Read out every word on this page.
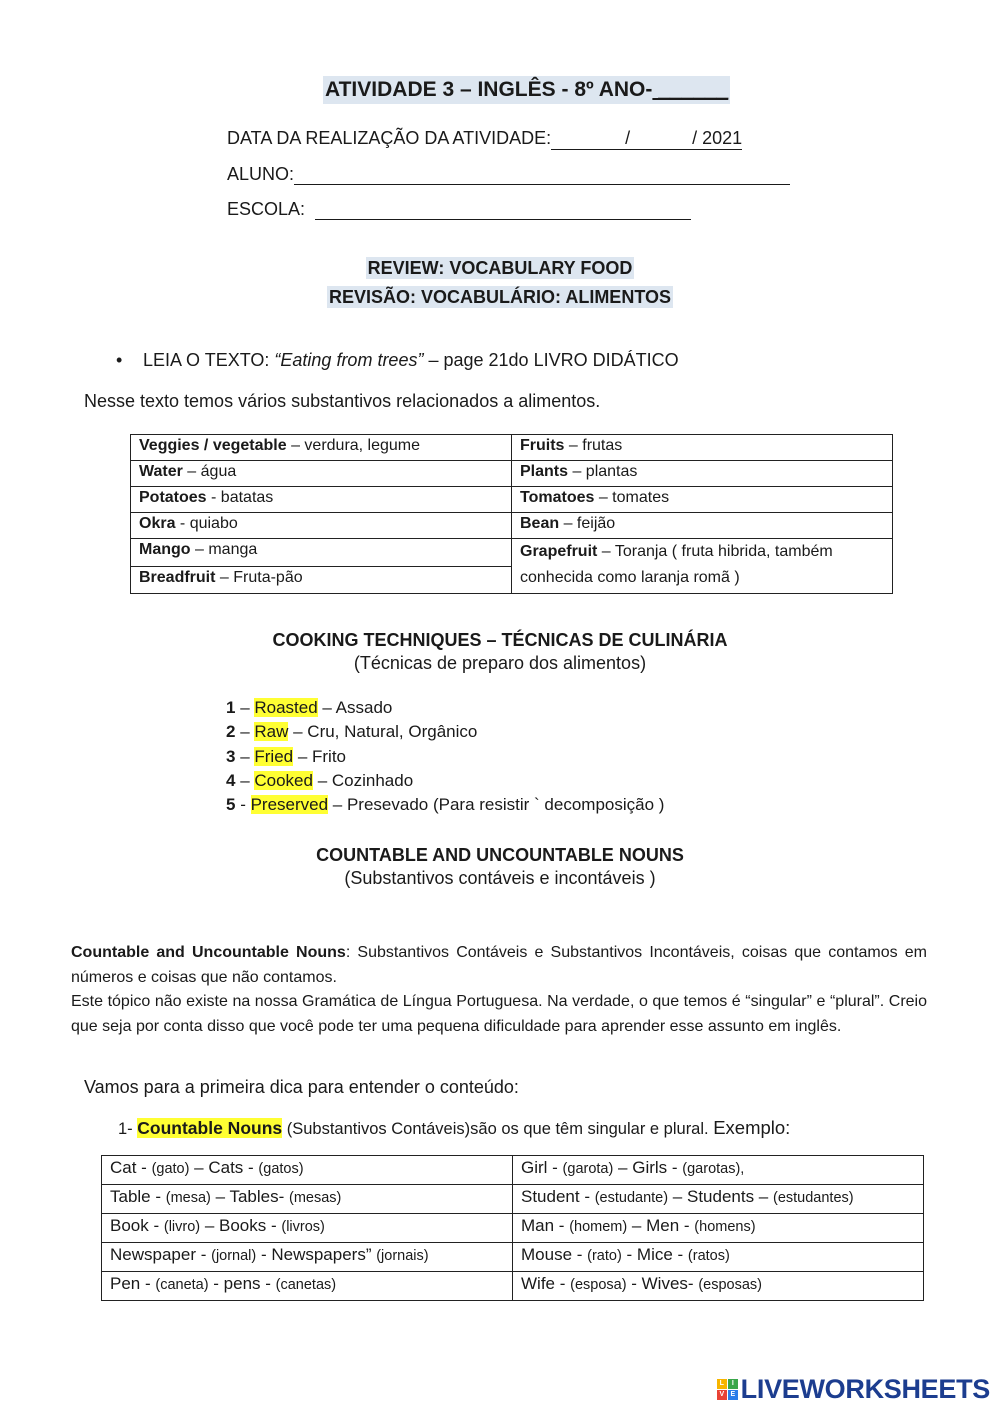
ATIVIDADE 3 – INGLÊS - 8º ANO- ______
DATA DA REALIZAÇÃO DA ATIVIDADE:	/	/ 2021
ALUNO:
ESCOLA:
REVIEW: VOCABULARY FOOD
REVISÃO: VOCABULÁRIO: ALIMENTOS
• LEIA O TEXTO: “Eating from trees” – page 21do LIVRO DIDÁTICO
Nesse texto temos vários substantivos relacionados a alimentos.
Veggies / vegetable – verdura, legume	Fruits – frutas
Water – água	Plants – plantas
Potatoes - batatas	Tomatoes – tomates
Okra - quiabo	Bean – feijão
Mango – manga	Grapefruit – Toranja ( fruta hibrida, também conhecida como laranja romã )
Breadfruit – Fruta-pão	
COOKING TECHNIQUES – TÉCNICAS DE CULINÁRIA
(Técnicas de preparo dos alimentos)
1 – Roasted – Assado
2 – Raw – Cru, Natural, Orgânico
3 – Fried – Frito
4 – Cooked – Cozinhado
5 - Preserved – Presevado (Para resistir ` decomposição )
COUNTABLE AND UNCOUNTABLE NOUNS
(Substantivos contáveis e incontáveis )
Countable and Uncountable Nouns: Substantivos Contáveis e Substantivos Incontáveis, coisas que contamos em números e coisas que não contamos.
Este tópico não existe na nossa Gramática de Língua Portuguesa. Na verdade, o que temos é “singular” e “plural”. Creio que seja por conta disso que você pode ter uma pequena dificuldade para aprender esse assunto em inglês.
Vamos para a primeira dica para entender o conteúdo:
1- Countable Nouns (Substantivos Contáveis)são os que têm singular e plural. Exemplo:
Cat - (gato) – Cats - (gatos)	Girl - (garota) – Girls - (garotas),
Table - (mesa) – Tables- (mesas)	Student - (estudante) – Students – (estudantes)
Book - (livro) – Books - (livros)	Man - (homem) – Men - (homens)
Newspaper - (jornal) - Newspapers” (jornais)	Mouse - (rato) - Mice - (ratos)
Pen - (caneta) - pens - (canetas)	Wife - (esposa) - Wives- (esposas)
L	I
V E LIVEWORKSHEETS
